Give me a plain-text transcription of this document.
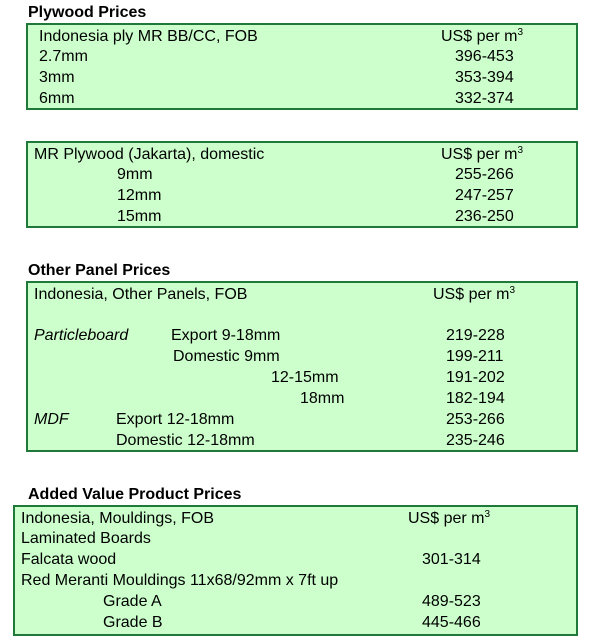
Plywood Prices
Indonesia ply MR BB/CC, FOB	US$ per $m^3$
2.7mm	396-453
3mm	353-394
6mm	332-374
MR Plywood (Jakarta), domestic	US$ per $m^3$
9mm	255-266
12mm	247-257
15mm	236-250
Other Panel Prices
Indonesia, Other Panels, FOB	US$ per $m^3$
Particleboard	Export 9-18mm	219-228
Domestic 9mm	199-211
12-15mm	191-202
18mm	182-194
MDF	Export 12-18mm	253-266
Domestic 12-18mm	235-246
Added Value Product Prices
Indonesia, Mouldings, FOB	US$ per $m^3$
Laminated Boards
Falcata wood	301-314
Red Meranti Mouldings 11x68/92mm x 7ft up
Grade A	489-523
Grade B	445-466
